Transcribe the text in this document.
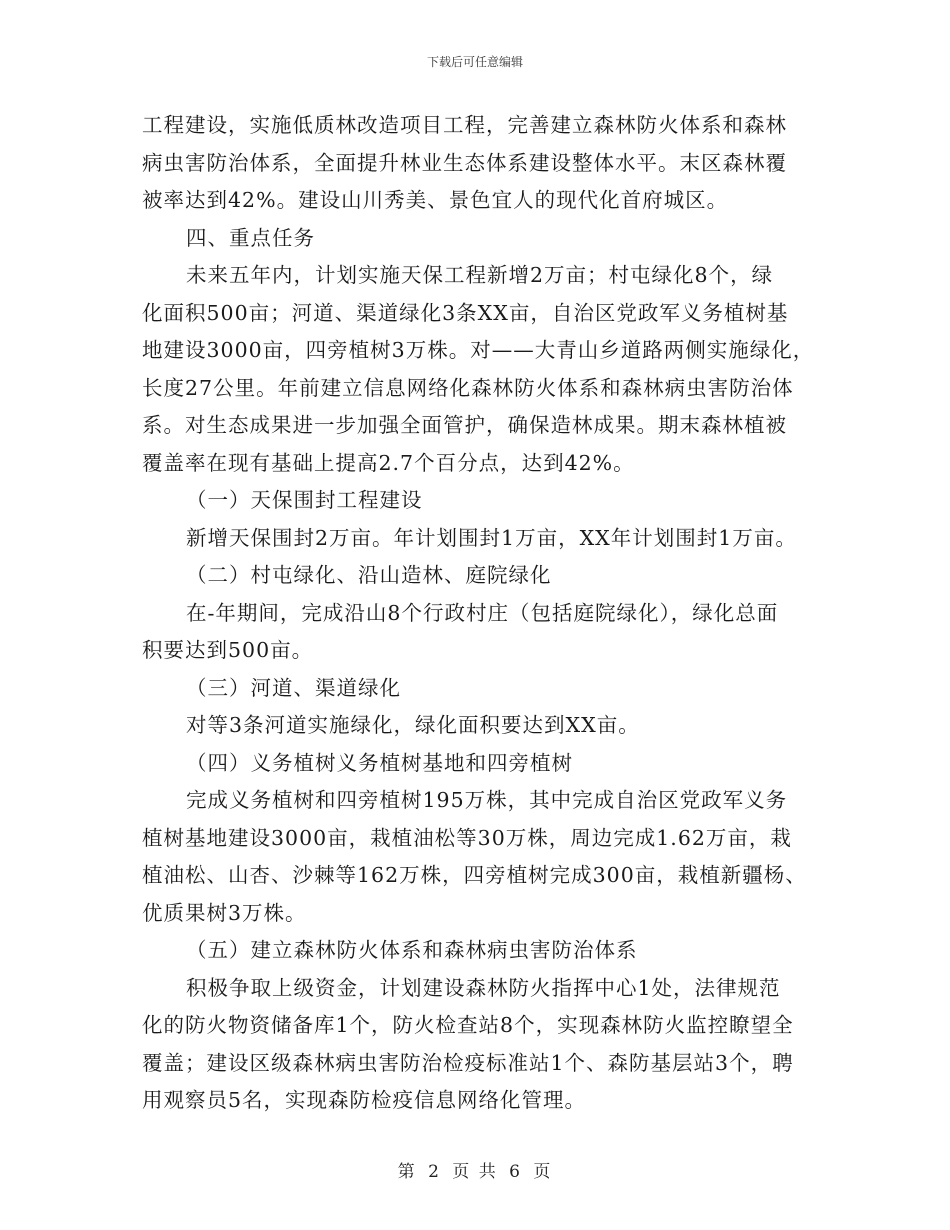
下载后可任意编辑
工程建设，实施低质林改造项目工程，完善建立森林防火体系和森林
病虫害防治体系，全面提升林业生态体系建设整体水平。末区森林覆
被率达到42%。建设山川秀美、景色宜人的现代化首府城区。
四、重点任务
未来五年内，计划实施天保工程新增2万亩；村屯绿化8个，绿
化面积500亩；河道、渠道绿化3条XX亩，自治区党政军义务植树基
地建设3000亩，四旁植树3万株。对——大青山乡道路两侧实施绿化，
长度27公里。年前建立信息网络化森林防火体系和森林病虫害防治体
系。对生态成果进一步加强全面管护，确保造林成果。期末森林植被
覆盖率在现有基础上提高2.7个百分点，达到42%。
（一）天保围封工程建设
新增天保围封2万亩。年计划围封1万亩，XX年计划围封1万亩。
（二）村屯绿化、沿山造林、庭院绿化
在-年期间，完成沿山8个行政村庄（包括庭院绿化），绿化总面
积要达到500亩。
（三）河道、渠道绿化
对等3条河道实施绿化，绿化面积要达到XX亩。
（四）义务植树义务植树基地和四旁植树
完成义务植树和四旁植树195万株，其中完成自治区党政军义务
植树基地建设3000亩，栽植油松等30万株，周边完成1.62万亩，栽
植油松、山杏、沙棘等162万株，四旁植树完成300亩，栽植新疆杨、
优质果树3万株。
（五）建立森林防火体系和森林病虫害防治体系
积极争取上级资金，计划建设森林防火指挥中心1处，法律规范
化的防火物资储备库1个，防火检查站8个，实现森林防火监控瞭望全
覆盖；建设区级森林病虫害防治检疫标准站1个、森防基层站3个，聘
用观察员5名，实现森防检疫信息网络化管理。
第 2 页 共 6 页
